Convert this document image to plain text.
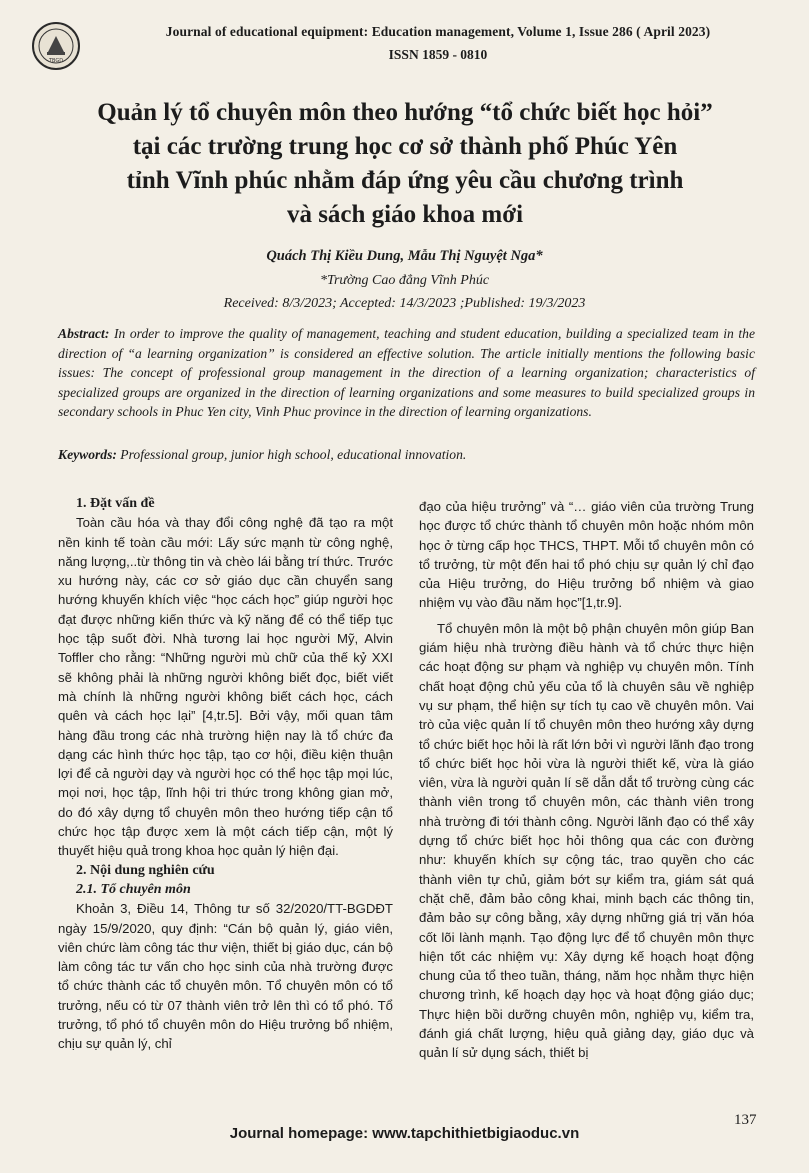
TBGD
Journal of educational equipment: Education management, Volume 1, Issue 286 ( April 2023)
ISSN 1859 - 0810
Quản lý tổ chuyên môn theo hướng “tổ chức biết học hỏi”
tại các trường trung học cơ sở thành phố Phúc Yên
tỉnh Vĩnh phúc nhằm đáp ứng yêu cầu chương trình
và sách giáo khoa mới
Quách Thị Kiều Dung, Mẫu Thị Nguyệt Nga*
*Trường Cao đẳng Vĩnh Phúc
Received: 8/3/2023; Accepted: 14/3/2023 ;Published: 19/3/2023
Abstract: In order to improve the quality of management, teaching and student education, building a specialized team in the direction of “a learning organization” is considered an effective solution. The article initially mentions the following basic issues: The concept of professional group management in the direction of a learning organization; characteristics of specialized groups are organized in the direction of learning organizations and some measures to build specialized groups in secondary schools in Phuc Yen city, Vinh Phuc province in the direction of learning organizations.
Keywords: Professional group, junior high school, educational innovation.

1. Đặt vấn đề

Toàn cầu hóa và thay đổi công nghệ đã tạo ra một nền kinh tế toàn cầu mới: Lấy sức mạnh từ công nghệ, năng lượng,..từ thông tin và chèo lái bằng trí thức. Trước xu hướng này, các cơ sở giáo dục cần chuyển sang hướng khuyến khích việc “học cách học” giúp người học đạt được những kiến thức và kỹ năng để có thể tiếp tục học tập suốt đời. Nhà tương lai học người Mỹ, Alvin Toffler cho rằng: “Những người mù chữ của thế kỷ XXI sẽ không phải là những người không biết đọc, biết viết mà chính là những người không biết cách học, cách quên và cách học lại” [4,tr.5]. Bởi vậy, mối quan tâm hàng đầu trong các nhà trường hiện nay là tổ chức đa dạng các hình thức học tập, tạo cơ hội, điều kiện thuận lợi để cả người dạy và người học có thể học tập mọi lúc, mọi nơi, học tập, lĩnh hội tri thức trong không gian mở, do đó xây dựng tổ chuyên môn theo hướng tiếp cận tổ chức học tập được xem là một cách tiếp cận, một lý thuyết hiệu quả trong khoa học quản lý hiện đại.

2. Nội dung nghiên cứu

2.1. Tổ chuyên môn

Khoản 3, Điều 14, Thông tư số 32/2020/TT-BGDĐT ngày 15/9/2020, quy định: “Cán bộ quản lý, giáo viên, viên chức làm công tác thư viện, thiết bị giáo dục, cán bộ làm công tác tư vấn cho học sinh của nhà trường được tổ chức thành các tổ chuyên môn. Tổ chuyên môn có tổ trưởng, nếu có từ 07 thành viên trở lên thì có tổ phó. Tổ trưởng, tổ phó tổ chuyên môn do Hiệu trưởng bổ nhiệm, chịu sự quản lý, chỉ

đạo của hiệu trưởng” và “… giáo viên của trường Trung học được tổ chức thành tổ chuyên môn hoặc nhóm môn học ở từng cấp học THCS, THPT. Mỗi tổ chuyên môn có tổ trưởng, từ một đến hai tổ phó chịu sự quản lý chỉ đạo của Hiệu trưởng, do Hiệu trưởng bổ nhiệm và giao nhiệm vụ vào đầu năm học”[1,tr.9].

Tổ chuyên môn là một bộ phận chuyên môn giúp Ban giám hiệu nhà trường điều hành và tổ chức thực hiện các hoạt động sư phạm và nghiệp vụ chuyên môn. Tính chất hoạt động chủ yếu của tổ là chuyên sâu về nghiệp vụ sư phạm, thể hiện sự tích tụ cao về chuyên môn. Vai trò của việc quản lí tổ chuyên môn theo hướng xây dựng tổ chức biết học hỏi là rất lớn bởi vì người lãnh đạo trong tổ chức biết học hỏi vừa là người thiết kế, vừa là giáo viên, vừa là người quản lí sẽ dẫn dắt tổ trường cùng các thành viên trong tổ chuyên môn, các thành viên trong nhà trường đi tới thành công. Người lãnh đạo có thể xây dựng tổ chức biết học hỏi thông qua các con đường như: khuyến khích sự cộng tác, trao quyền cho các thành viên tự chủ, giảm bớt sự kiểm tra, giám sát quá chặt chẽ, đảm bảo công khai, minh bạch các thông tin, đảm bảo sự công bằng, xây dựng những giá trị văn hóa cốt lõi lành mạnh. Tạo động lực để tổ chuyên môn thực hiện tốt các nhiệm vụ: Xây dựng kế hoạch hoạt động chung của tổ theo tuần, tháng, năm học nhằm thực hiện chương trình, kế hoạch dạy học và hoạt động giáo dục; Thực hiện bồi dưỡng chuyên môn, nghiệp vụ, kiểm tra, đánh giá chất lượng, hiệu quả giảng dạy, giáo dục và quản lí sử dụng sách, thiết bị

137
Journal homepage: www.tapchithietbigiaoduc.vn
